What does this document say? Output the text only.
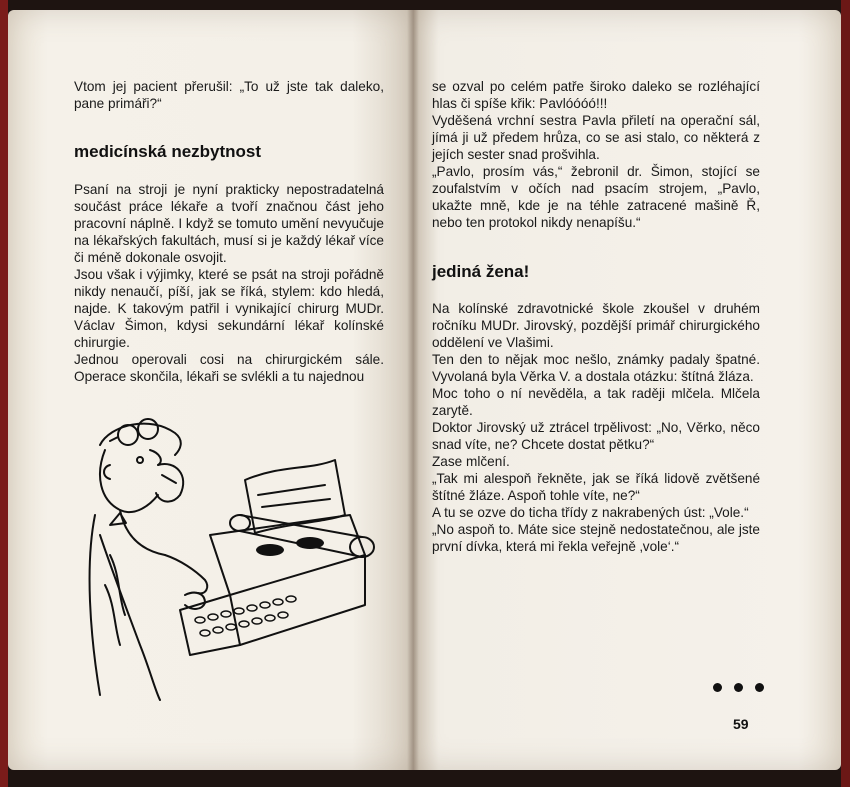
Vtom jej pacient přerušil: „To už jste tak daleko, pane primáři?“

medicínská nezbytnost

Psaní na stroji je nyní prakticky nepostradatelná součást práce lékaře a tvoří značnou část jeho pracovní náplně. I když se tomuto umění nevyučuje na lékařských fakultách, musí si je každý lékař více či méně dokonale osvojit.

Jsou však i výjimky, které se psát na stroji pořádně nikdy nenaučí, píší, jak se říká, stylem: kdo hledá, najde. K takovým patřil i vynikající chirurg MUDr. Václav Šimon, kdysi sekundární lékař kolínské chirurgie.

Jednou operovali cosi na chirurgickém sále. Operace skončila, lékaři se svlékli a tu najednou

se ozval po celém patře široko daleko se rozléhající hlas či spíše křik: Pavlóóóó!!!

Vyděšená vrchní sestra Pavla přiletí na operační sál, jímá ji už předem hrůza, co se asi stalo, co některá z jejích sester snad prošvihla.

„Pavlo, prosím vás,“ žebronil dr. Šimon, stojící se zoufalstvím v očích nad psacím strojem, „Pavlo, ukažte mně, kde je na téhle zatracené mašině Ř, nebo ten protokol nikdy nenapíšu.“

jediná žena!

Na kolínské zdravotnické škole zkoušel v druhém ročníku MUDr. Jirovský, pozdější primář chirurgického oddělení ve Vlašimi.

Ten den to nějak moc nešlo, známky padaly špatné. Vyvolaná byla Věrka V. a dostala otázku: štítná žláza.

Moc toho o ní nevěděla, a tak raději mlčela. Mlčela zarytě.

Doktor Jirovský už ztrácel trpělivost: „No, Věrko, něco snad víte, ne? Chcete dostat pětku?“

Zase mlčení.

„Tak mi alespoň řekněte, jak se říká lidově zvětšené štítné žláze. Aspoň tohle víte, ne?“

A tu se ozve do ticha třídy z nakrabených úst: „Vole.“

„No aspoň to. Máte sice stejně nedostatečnou, ale jste první dívka, která mi řekla veřejně ‚vole‘.“

59
